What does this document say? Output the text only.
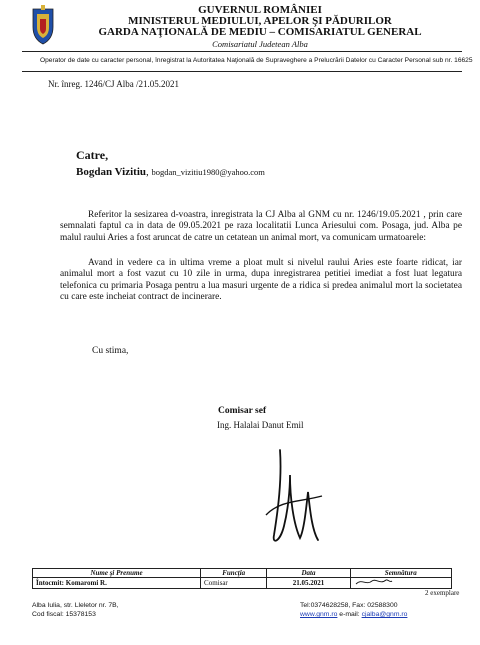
GUVERNUL ROMÂNIEI
MINISTERUL MEDIULUI, APELOR ŞI PĂDURILOR
GARDA NAŢIONALĂ DE MEDIU – COMISARIATUL GENERAL
Comisariatul Judetean Alba
Operator de date cu caracter personal, înregistrat la Autoritatea Naţională de Supraveghere a Prelucrării Datelor cu Caracter Personal sub nr. 16625
Nr. înreg. 1246/CJ Alba /21.05.2021
Catre,
Bogdan Vizitiu, bogdan_vizitiu1980@yahoo.com
Referitor la sesizarea d-voastra, inregistrata la CJ Alba al GNM cu nr. 1246/19.05.2021 , prin care semnalati faptul ca in data de 09.05.2021 pe raza localitatii Lunca Ariesului com. Posaga, jud. Alba pe malul raului Aries a fost aruncat de catre un cetatean un animal mort, va comunicam urmatoarele:
Avand in vedere ca in ultima vreme a ploat mult si nivelul raului Aries este foarte ridicat, iar animalul mort a fost vazut cu 10 zile in urma, dupa inregistrarea petitiei imediat a fost luat legatura telefonica cu primaria Posaga pentru a lua masuri urgente de a ridica si predea animalul mort la societatea cu care este incheiat contract de incinerare.
Cu stima,
Comisar sef
Ing. Halalai Danut Emil
Nume şi Prenume	Funcţia	Data	Semnătura
Întocmit: Komaromi R.	Comisar	21.05.2021	
2 exemplare
Alba Iulia, str. Lleletor nr. 7B,
Cod fiscal: 15378153
Tel:0374628258, Fax: 02588300
www.gnm.ro e-mail: cjalba@gnm.ro
